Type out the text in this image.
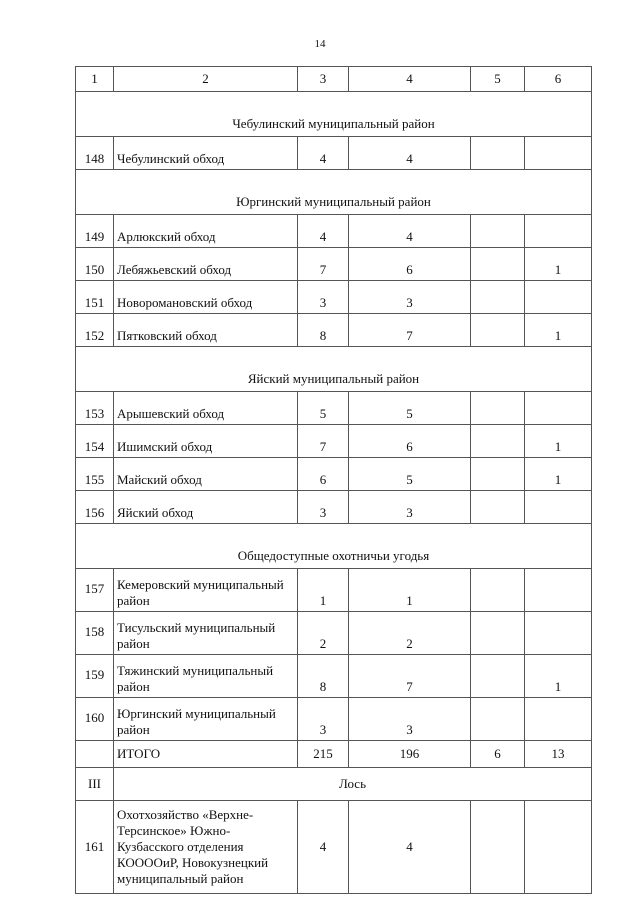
14
1	2	3	4	5	6
Чебулинский муниципальный район					
148	Чебулинский обход	4	4		
Юргинский муниципальный район					
149	Арлюкский обход	4	4		
150	Лебяжьевский обход	7	6		1
151	Новоромановский обход	3	3		
152	Пятковский обход	8	7		1
Яйский муниципальный район					
153	Арышевский обход	5	5		
154	Ишимский обход	7	6		1
155	Майский обход	6	5		1
156	Яйский обход	3	3		
Общедоступные охотничьи угодья					
157	Кемеровский муниципальный район	1	1		
158	Тисульский муниципальный район	2	2		
159	Тяжинский муниципальный район	8	7		1
160	Юргинский муниципальный район	3	3		
	ИТОГО	215	196	6	13
III	Лось				
161	Охотхозяйство «Верхне-Терсинское» Южно-Кузбасского отделения КООООиР, Новокузнецкий муниципальный район	4	4		
